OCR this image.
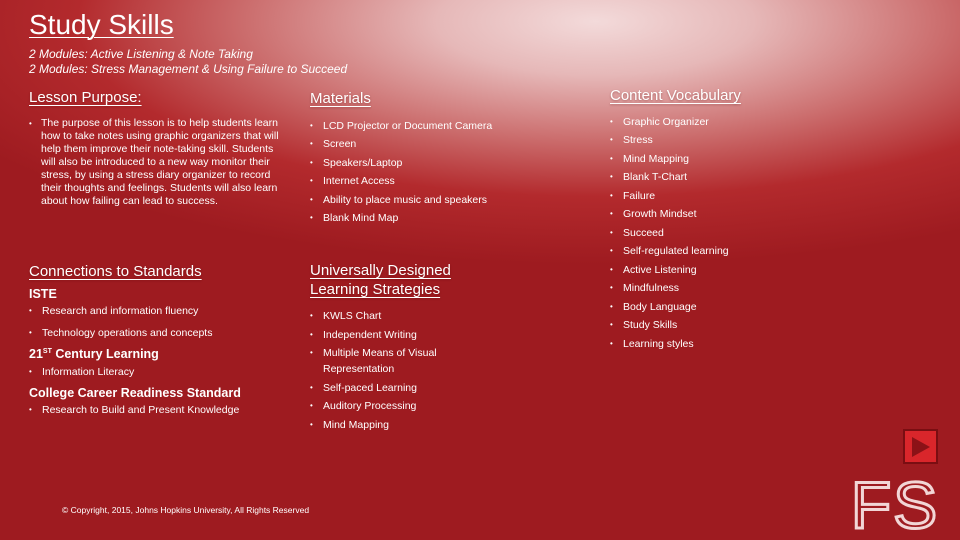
Study Skills
2 Modules: Active Listening & Note Taking
2 Modules: Stress Management & Using Failure to Succeed
Lesson Purpose:
• The purpose of this lesson is to help students learn how to take notes using graphic organizers that will help them improve their note-taking skill. Students will also be introduced to a new way monitor their stress, by using a stress diary organizer to record their thoughts and feelings. Students will also learn about how failing can lead to success.
Materials
• LCD Projector or Document Camera
• Screen
• Speakers/Laptop
• Internet Access
• Ability to place music and speakers
• Blank Mind Map
Connections to Standards
ISTE
• Research and information fluency
• Technology operations and concepts
21ST Century Learning
• Information Literacy
College Career Readiness Standard
• Research to Build and Present Knowledge
Universally Designed
Learning Strategies
• KWLS Chart
• Independent Writing
• Multiple Means of Visual
Representation
• Self-paced Learning
• Auditory Processing
• Mind Mapping
Content Vocabulary
• Graphic Organizer
• Stress
• Mind Mapping
• Blank T-Chart
• Failure
• Growth Mindset
• Succeed
• Self-regulated learning
• Active Listening
• Mindfulness
• Body Language
• Study Skills
• Learning styles
© Copyright, 2015, Johns Hopkins University, All Rights Reserved	FS
